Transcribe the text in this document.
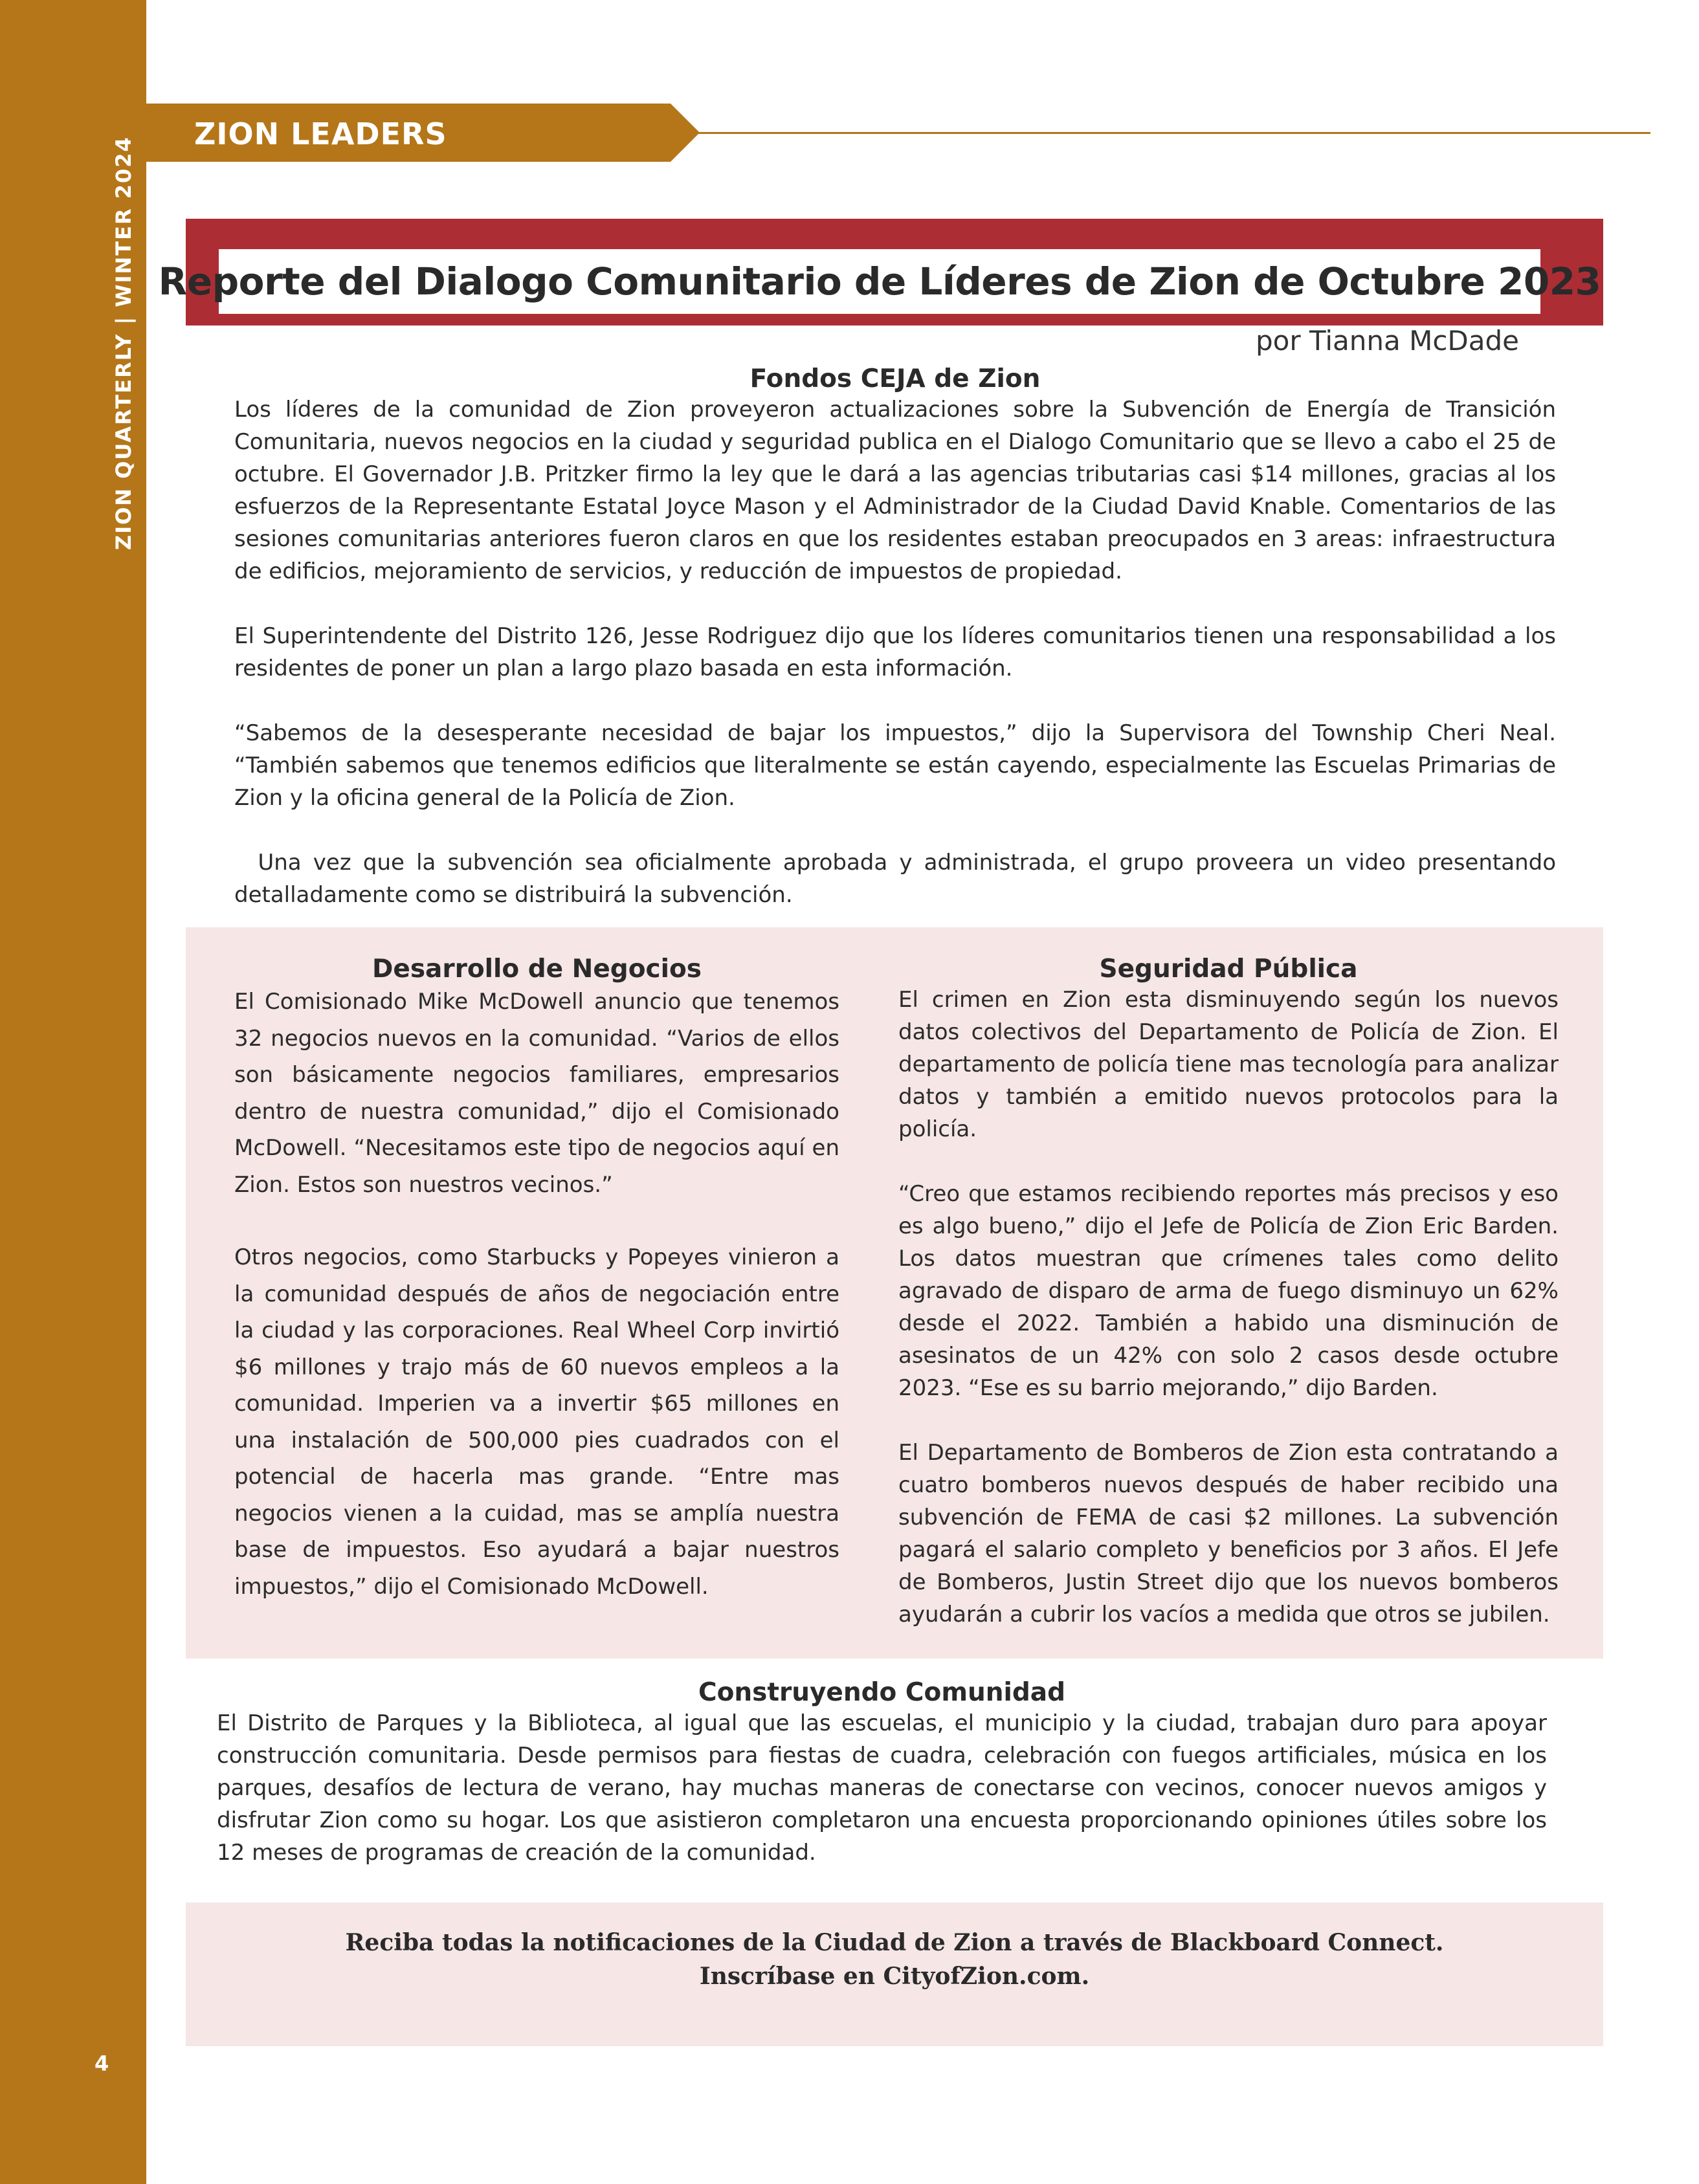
ZION QUARTERLY | WINTER 2024
4
ZION LEADERS
Reporte del Dialogo Comunitario de Líderes de Zion de Octubre 2023
por Tianna McDade
Fondos CEJA de Zion

Los líderes de la comunidad de Zion proveyeron actualizaciones sobre la Subvención de Energía de Transición Comunitaria, nuevos negocios en la ciudad y seguridad publica en el Dialogo Comunitario que se llevo a cabo el 25 de octubre. El Governador J.B. Pritzker firmo la ley que le dará a las agencias tributarias casi $14 millones, gracias al los esfuerzos de la Representante Estatal Joyce Mason y el Administrador de la Ciudad David Knable. Comentarios de las sesiones comunitarias anteriores fueron claros en que los residentes estaban preocupados en 3 areas: infraestructura de edificios, mejoramiento de servicios, y reducción de impuestos de propiedad.

El Superintendente del Distrito 126, Jesse Rodriguez dijo que los líderes comunitarios tienen una responsabilidad a los residentes de poner un plan a largo plazo basada en esta información.

“Sabemos de la desesperante necesidad de bajar los impuestos,” dijo la Supervisora del Township Cheri Neal. “También sabemos que tenemos edificios que literalmente se están cayendo, especialmente las Escuelas Primarias de Zion y la oficina general de la Policía de Zion.

Una vez que la subvención sea oficialmente aprobada y administrada, el grupo proveera un video presentando detalladamente como se distribuirá la subvención.

Desarrollo de Negocios

El Comisionado Mike McDowell anuncio que tenemos 32 negocios nuevos en la comunidad. “Varios de ellos son básicamente negocios familiares, empresarios dentro de nuestra comunidad,” dijo el Comisionado McDowell. “Necesitamos este tipo de negocios aquí en Zion. Estos son nuestros vecinos.”

Otros negocios, como Starbucks y Popeyes vinieron a la comunidad después de años de negociación entre la ciudad y las corporaciones. Real Wheel Corp invirtió $6 millones y trajo más de 60 nuevos empleos a la comunidad. Imperien va a invertir $65 millones en una instalación de 500,000 pies cuadrados con el potencial de hacerla mas grande. “Entre mas negocios vienen a la cuidad, mas se amplía nuestra base de impuestos. Eso ayudará a bajar nuestros impuestos,” dijo el Comisionado McDowell.

Seguridad Pública

El crimen en Zion esta disminuyendo según los nuevos datos colectivos del Departamento de Policía de Zion. El departamento de policía tiene mas tecnología para analizar datos y también a emitido nuevos protocolos para la policía.

“Creo que estamos recibiendo reportes más precisos y eso es algo bueno,” dijo el Jefe de Policía de Zion Eric Barden. Los datos muestran que crímenes tales como delito agravado de disparo de arma de fuego disminuyo un 62% desde el 2022. También a habido una disminución de asesinatos de un 42% con solo 2 casos desde octubre 2023. “Ese es su barrio mejorando,” dijo Barden.

El Departamento de Bomberos de Zion esta contratando a cuatro bomberos nuevos después de haber recibido una subvención de FEMA de casi $2 millones. La subvención pagará el salario completo y beneficios por 3 años. El Jefe de Bomberos, Justin Street dijo que los nuevos bomberos ayudarán a cubrir los vacíos a medida que otros se jubilen.

Construyendo Comunidad

El Distrito de Parques y la Biblioteca, al igual que las escuelas, el municipio y la ciudad, trabajan duro para apoyar construcción comunitaria. Desde permisos para fiestas de cuadra, celebración con fuegos artificiales, música en los parques, desafíos de lectura de verano, hay muchas maneras de conectarse con vecinos, conocer nuevos amigos y disfrutar Zion como su hogar. Los que asistieron completaron una encuesta proporcionando opiniones útiles sobre los 12 meses de programas de creación de la comunidad.

Reciba todas la notificaciones de la Ciudad de Zion a través de Blackboard Connect.
Inscríbase en CityofZion.com.
